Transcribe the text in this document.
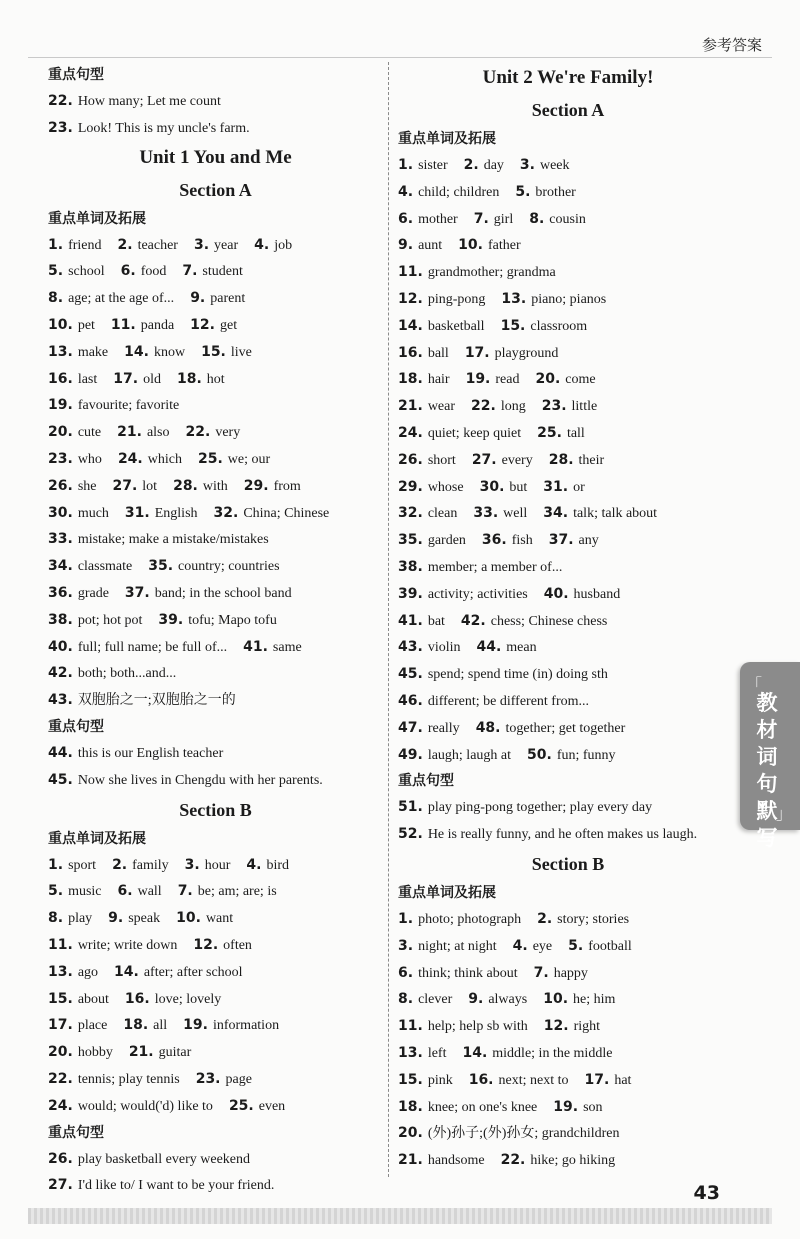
参考答案
重点句型
22. How many; Let me count
23. Look! This is my uncle's farm.
Unit 1 You and Me
Section A
重点单词及拓展
1. friend 2. teacher 3. year 4. job
5. school 6. food 7. student
8. age; at the age of... 9. parent
10. pet 11. panda 12. get
13. make 14. know 15. live
16. last 17. old 18. hot
19. favourite; favorite
20. cute 21. also 22. very
23. who 24. which 25. we; our
26. she 27. lot 28. with 29. from
30. much 31. English 32. China; Chinese
33. mistake; make a mistake/mistakes
34. classmate 35. country; countries
36. grade 37. band; in the school band
38. pot; hot pot 39. tofu; Mapo tofu
40. full; full name; be full of... 41. same
42. both; both...and...
43. 双胞胎之一;双胞胎之一的
重点句型
44. this is our English teacher
45. Now she lives in Chengdu with her parents.
Section B
重点单词及拓展
1. sport 2. family 3. hour 4. bird
5. music 6. wall 7. be; am; are; is
8. play 9. speak 10. want
11. write; write down 12. often
13. ago 14. after; after school
15. about 16. love; lovely
17. place 18. all 19. information
20. hobby 21. guitar
22. tennis; play tennis 23. page
24. would; would('d) like to 25. even
重点句型
26. play basketball every weekend
27. I'd like to/ I want to be your friend.
Unit 2 We're Family!
Section A
重点单词及拓展
1. sister 2. day 3. week
4. child; children 5. brother
6. mother 7. girl 8. cousin
9. aunt 10. father
11. grandmother; grandma
12. ping-pong 13. piano; pianos
14. basketball 15. classroom
16. ball 17. playground
18. hair 19. read 20. come
21. wear 22. long 23. little
24. quiet; keep quiet 25. tall
26. short 27. every 28. their
29. whose 30. but 31. or
32. clean 33. well 34. talk; talk about
35. garden 36. fish 37. any
38. member; a member of...
39. activity; activities 40. husband
41. bat 42. chess; Chinese chess
43. violin 44. mean
45. spend; spend time (in) doing sth
46. different; be different from...
47. really 48. together; get together
49. laugh; laugh at 50. fun; funny
重点句型
51. play ping-pong together; play every day
52. He is really funny, and he often makes us laugh.
Section B
重点单词及拓展
1. photo; photograph 2. story; stories
3. night; at night 4. eye 5. football
6. think; think about 7. happy
8. clever 9. always 10. he; him
11. help; help sb with 12. right
13. left 14. middle; in the middle
15. pink 16. next; next to 17. hat
18. knee; on one's knee 19. son
20. (外)孙子;(外)孙女; grandchildren
21. handsome 22. hike; go hiking
「
教材词句默写
」
43
